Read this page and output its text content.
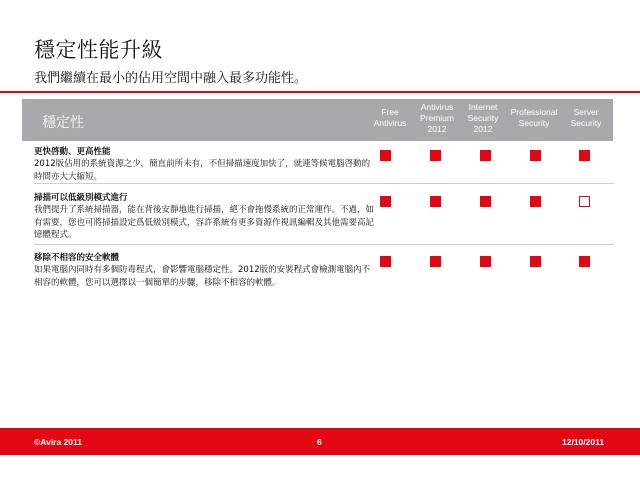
穩定性能升級
我們繼續在最小的佔用空間中融入最多功能性。
穩定性
Free
Antivirus
Antivirus
Premium
2012
Internet
Security
2012
Professional
Security
Server
Security
更快啓動、更高性能
2012版佔用的系統資源之少，簡直前所未有，不但掃描速度加快了，就連等候電腦啓動的時間亦大大縮短。
掃描可以低級別模式進行
我們提升了系統掃描器，能在背後安靜地進行掃描，絕不會拖慢系統的正常運作。不過，如有需要，您也可將掃描設定爲低級別模式，容許系統有更多資源作視訊編輯及其他需要高記憶體程式。
移除不相容的安全軟體
如果電腦內同時有多個防毒程式，會影響電腦穩定性。2012版的安裝程式會檢測電腦內不相容的軟體，您可以選擇以一個簡單的步驟，移除不相容的軟體。
©Avira 2011	6	12/10/2011
